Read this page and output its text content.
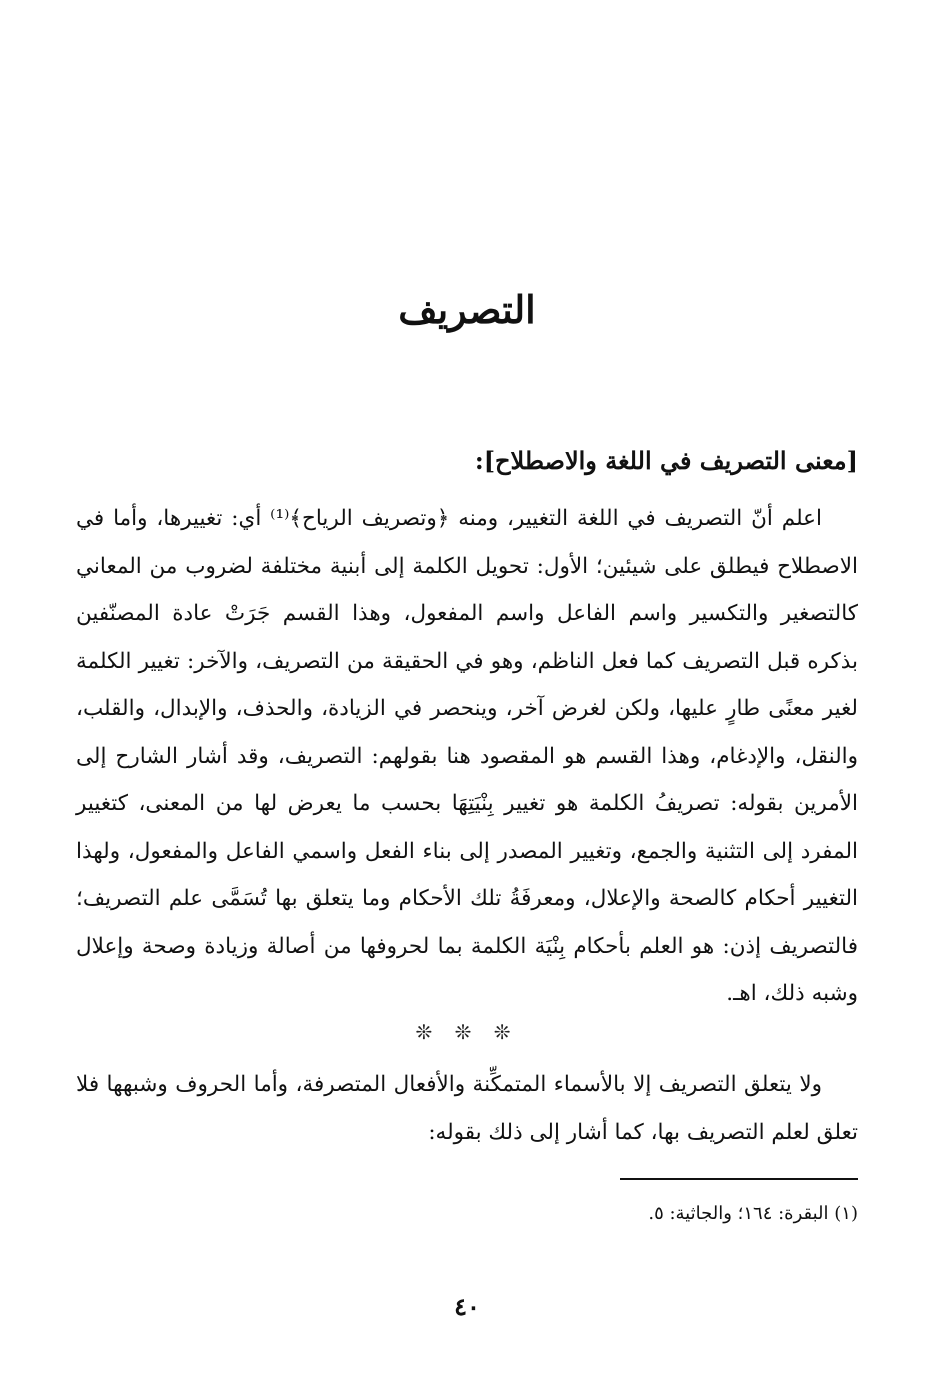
التصريف
[معنى التصريف في اللغة والاصطلاح]:

اعلم أنّ التصريف في اللغة التغيير، ومنه ﴿وتصريف الرياح﴾⁽¹⁾ أي: تغييرها، وأما في الاصطلاح فيطلق على شيئين؛ الأول: تحويل الكلمة إلى أبنية مختلفة لضروب من المعاني كالتصغير والتكسير واسم الفاعل واسم المفعول، وهذا القسم جَرَتْ عادة المصنّفين بذكره قبل التصريف كما فعل الناظم، وهو في الحقيقة من التصريف، والآخر: تغيير الكلمة لغير معنًى طارٍ عليها، ولكن لغرض آخر، وينحصر في الزيادة، والحذف، والإبدال، والقلب، والنقل، والإدغام، وهذا القسم هو المقصود هنا بقولهم: التصريف، وقد أشار الشارح إلى الأمرين بقوله: تصريفُ الكلمة هو تغيير بِنْيَتِهَا بحسب ما يعرض لها من المعنى، كتغيير المفرد إلى التثنية والجمع، وتغيير المصدر إلى بناء الفعل واسمي الفاعل والمفعول، ولهذا التغيير أحكام كالصحة والإعلال، ومعرفَةُ تلك الأحكام وما يتعلق بها تُسَمَّى علم التصريف؛ فالتصريف إذن: هو العلم بأحكام بِنْيَة الكلمة بما لحروفها من أصالة وزيادة وصحة وإعلال وشبه ذلك، اهـ.

❊ ❊ ❊

ولا يتعلق التصريف إلا بالأسماء المتمكِّنة والأفعال المتصرفة، وأما الحروف وشبهها فلا تعلق لعلم التصريف بها، كما أشار إلى ذلك بقوله:

(١) البقرة: ١٦٤؛ والجاثية: ٥.

٤٠
